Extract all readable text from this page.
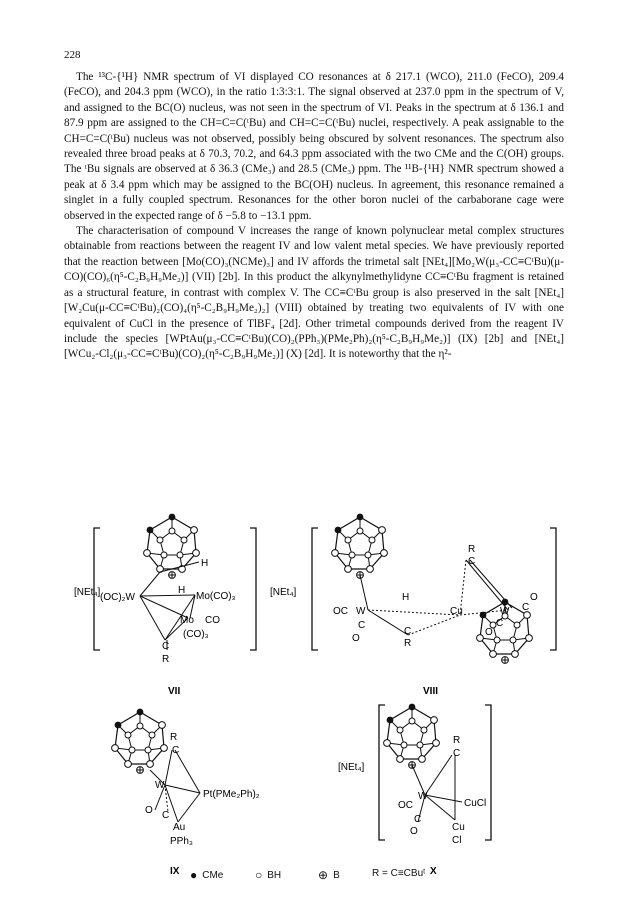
228

The ¹³C-{¹H} NMR spectrum of VI displayed CO resonances at δ 217.1 (WCO), 211.0 (FeCO), 209.4 (FeCO), and 204.3 ppm (WCO), in the ratio 1:3:3:1. The signal observed at 237.0 ppm in the spectrum of V, and assigned to the BC(O) nucleus, was not seen in the spectrum of VI. Peaks in the spectrum at δ 136.1 and 87.9 ppm are assigned to the CH=C=C(ᵗBu) and CH=C=C(ᵗBu) nuclei, respectively. A peak assignable to the CH=C=C(ᵗBu) nucleus was not observed, possibly being obscured by solvent resonances. The spectrum also revealed three broad peaks at δ 70.3, 70.2, and 64.3 ppm associated with the two CMe and the C(OH) groups. The ᵗBu signals are observed at δ 36.3 (CMe₃) and 28.5 (CMe₃) ppm. The ¹¹B-{¹H} NMR spectrum showed a peak at δ 3.4 ppm which may be assigned to the BC(OH) nucleus. In agreement, this resonance remained a singlet in a fully coupled spectrum. Resonances for the other boron nuclei of the carbaborane cage were observed in the expected range of δ −5.8 to −13.1 ppm.

The characterisation of compound V increases the range of known polynuclear metal complex structures obtainable from reactions between the reagent IV and low valent metal species. We have previously reported that the reaction between [Mo(CO)₃(NCMe)₃] and IV affords the trimetal salt [NEt₄][Mo₂W(μ₃-CC≡CᵗBu)(μ-CO)(CO)₆(η⁵-C₂B₉H₉Me₂)] (VII) [2b]. In this product the alkynylmethylidyne CC≡CᵗBu fragment is retained as a structural feature, in contrast with complex V. The CC≡CᵗBu group is also preserved in the salt [NEt₄][W₂Cu(μ-CC≡CᵗBu)₂(CO)₄(η⁵-C₂B₉H₉Me₂)₂] (VIII) obtained by treating two equivalents of IV with one equivalent of CuCl in the presence of TlBF₄ [2d]. Other trimetal compounds derived from the reagent IV include the species [WPtAu(μ₃-CC≡CᵗBu)(CO)₂(PPh₃)(PMe₂Ph)₂(η⁵-C₂B₉H₉Me₂)] (IX) [2b] and [NEt₄][WCu₂-Cl₂(μ₃-CC≡CᵗBu)(CO)₂(η⁵-C₂B₉H₉Me₂)] (X) [2d]. It is noteworthy that the η²-

[NEt₄]
H
H
(OC)₂W	Mo(CO)₃
Mo CO
(CO)₃
C
R
VII
[NEt₄]
R
C
H
OC W	Cu	W C
O
C
O
C
O
C
R
VIII
R
C
W
Pt(PMe₂Ph)₂
O C
Au
PPh₃
IX
[NEt₄]
R
C
W
CuCl
OC
C
O	Cu
Cl
X
● CMe	○ BH	⊕ B	R = C≡CBuᵗ
